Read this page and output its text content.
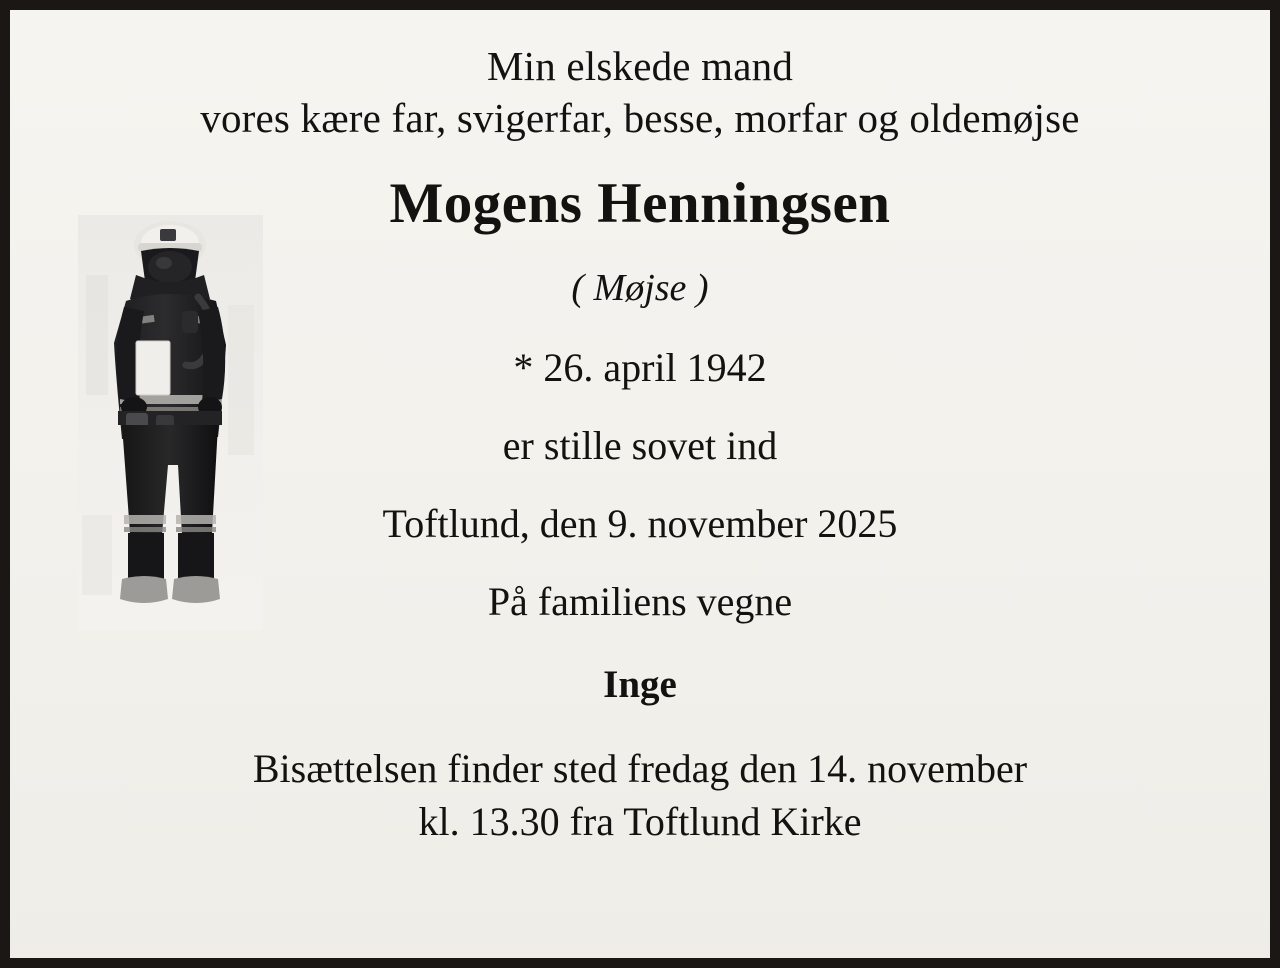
Min elskede mand
vores kære far, svigerfar, besse, morfar og oldemøjse
Mogens Henningsen
( Møjse )
* 26. april 1942
er stille sovet ind
Toftlund, den 9. november 2025
På familiens vegne
Inge
Bisættelsen finder sted fredag den 14. november
kl. 13.30 fra Toftlund Kirke
